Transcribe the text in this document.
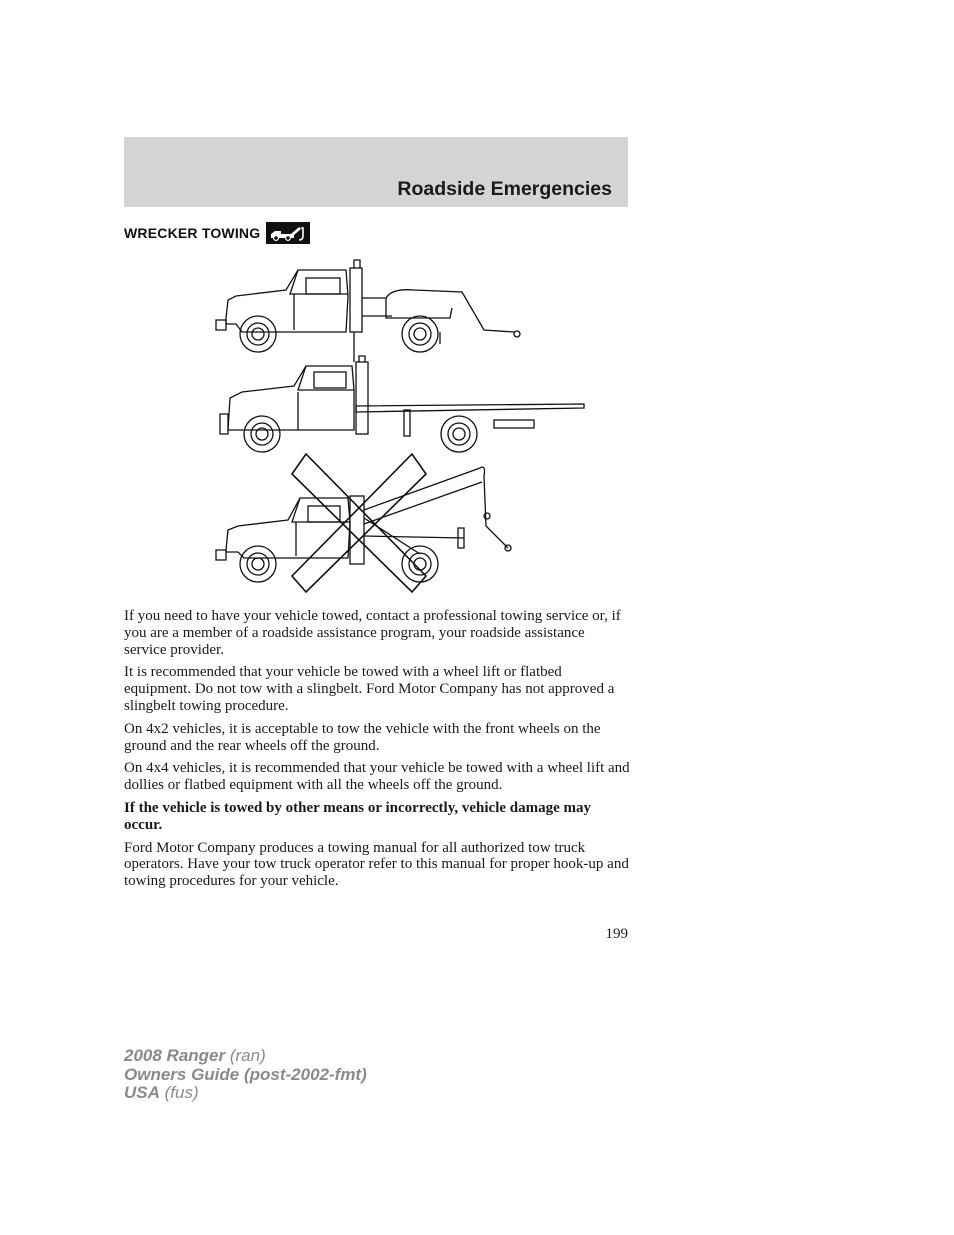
Roadside Emergencies
WRECKER TOWING

If you need to have your vehicle towed, contact a professional towing service or, if you are a member of a roadside assistance program, your roadside assistance service provider.

It is recommended that your vehicle be towed with a wheel lift or flatbed equipment. Do not tow with a slingbelt. Ford Motor Company has not approved a slingbelt towing procedure.

On 4x2 vehicles, it is acceptable to tow the vehicle with the front wheels on the ground and the rear wheels off the ground.

On 4x4 vehicles, it is recommended that your vehicle be towed with a wheel lift and dollies or flatbed equipment with all the wheels off the ground.

If the vehicle is towed by other means or incorrectly, vehicle damage may occur.

Ford Motor Company produces a towing manual for all authorized tow truck operators. Have your tow truck operator refer to this manual for proper hook-up and towing procedures for your vehicle.

199
2008 Ranger (ran)
Owners Guide (post-2002-fmt)
USA (fus)
